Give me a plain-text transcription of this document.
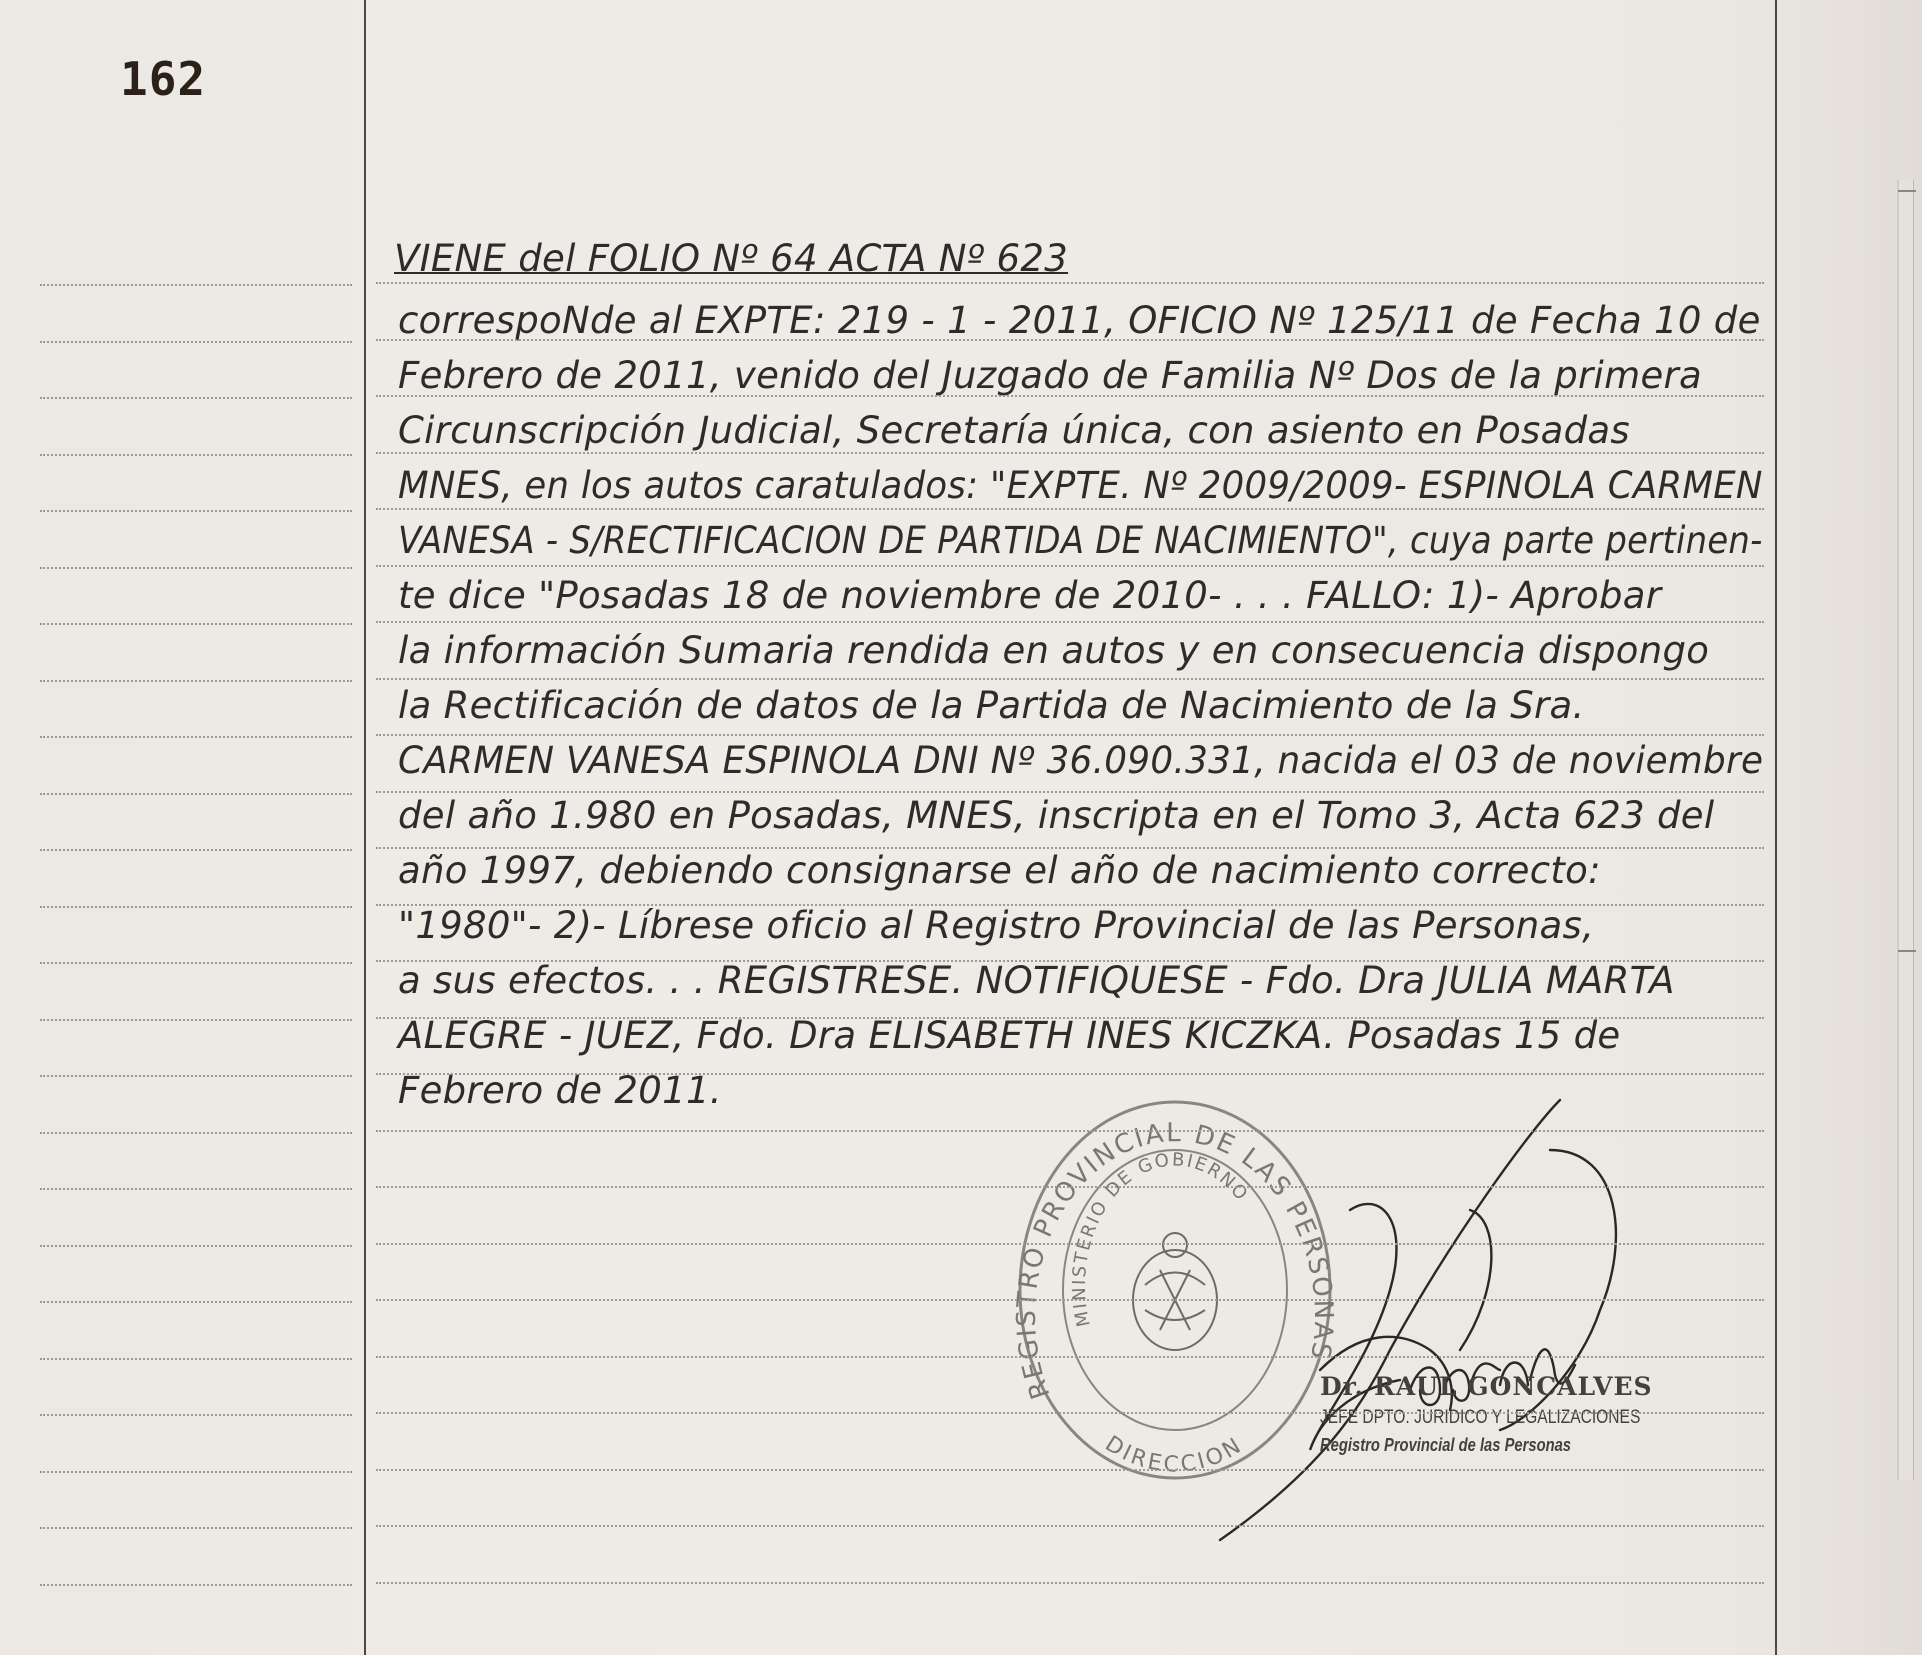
162
VIENE del FOLIO Nº 64 ACTA Nº 623
correspoNde al EXPTE: 219 - 1 - 2011, OFICIO Nº 125/11 de Fecha 10 de
Febrero de 2011, venido del Juzgado de Familia Nº Dos de la primera
Circunscripción Judicial, Secretaría única, con asiento en Posadas
MNES, en los autos caratulados: "EXPTE. Nº 2009/2009- ESPINOLA CARMEN
VANESA - S/RECTIFICACION DE PARTIDA DE NACIMIENTO", cuya parte pertinen-
te dice "Posadas 18 de noviembre de 2010- . . . FALLO: 1)- Aprobar
la información Sumaria rendida en autos y en consecuencia dispongo
la Rectificación de datos de la Partida de Nacimiento de la Sra.
CARMEN VANESA ESPINOLA DNI Nº 36.090.331, nacida el 03 de noviembre
del año 1.980 en Posadas, MNES, inscripta en el Tomo 3, Acta 623 del
año 1997, debiendo consignarse el año de nacimiento correcto:
"1980"- 2)- Líbrese oficio al Registro Provincial de las Personas,
a sus efectos. . . REGISTRESE. NOTIFIQUESE - Fdo. Dra JULIA MARTA
ALEGRE - JUEZ, Fdo. Dra ELISABETH INES KICZKA. Posadas 15 de
Febrero de 2011.
REGISTRO PROVINCIAL DE LAS PERSONAS
MINISTERIO DE GOBIERNO
DIRECCION
Dr. RAUL GONCALVES
JEFE DPTO. JURIDICO Y LEGALIZACIONES
Registro Provincial de las Personas
